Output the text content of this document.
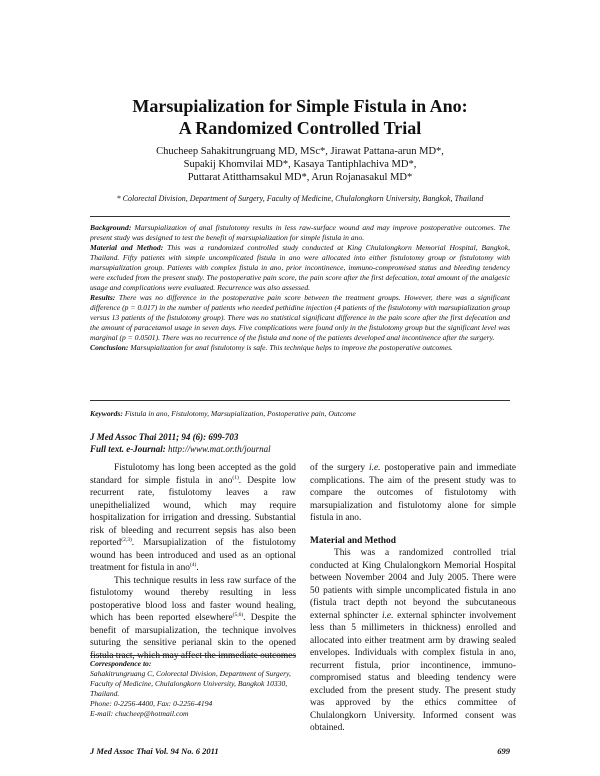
Marsupialization for Simple Fistula in Ano:
A Randomized Controlled Trial
Chucheep Sahakitrungruang MD, MSc*, Jirawat Pattana-arun MD*,
Supakij Khomvilai MD*, Kasaya Tantiphlachiva MD*,
Puttarat Atitthamsakul MD*, Arun Rojanasakul MD*
* Colorectal Division, Department of Surgery, Faculty of Medicine, Chulalongkorn University, Bangkok, Thailand

Background: Marsupialization of anal fistulotomy results in less raw-surface wound and may improve postoperative outcomes. The present study was designed to test the benefit of marsupialization for simple fistula in ano.

Material and Method: This was a randomized controlled study conducted at King Chulalongkorn Memorial Hospital, Bangkok, Thailand. Fifty patients with simple uncomplicated fistula in ano were allocated into either fistulotomy group or fistulotomy with marsupialization group. Patients with complex fistula in ano, prior incontinence, immuno-compromised status and bleeding tendency were excluded from the present study. The postoperative pain score, the pain score after the first defecation, total amount of the analgesic usage and complications were evaluated. Recurrence was also assessed.

Results: There was no difference in the postoperative pain score between the treatment groups. However, there was a significant difference (p = 0.017) in the number of patients who needed pethidine injection (4 patients of the fistulotomy with marsupialization group versus 13 patients of the fistulotomy group). There was no statistical significant difference in the pain score after the first defecation and the amount of paracetamol usage in seven days. Five complications were found only in the fistulotomy group but the significant level was marginal (p = 0.0501). There was no recurrence of the fistula and none of the patients developed anal incontinence after the surgery.

Conclusion: Marsupialization for anal fistulotomy is safe. This technique helps to improve the postoperative outcomes.

Keywords: Fistula in ano, Fistulotomy, Marsupialization, Postoperative pain, Outcome
J Med Assoc Thai 2011; 94 (6): 699-703
Full text. e-Journal: http://www.mat.or.th/journal

Fistulotomy has long been accepted as the gold standard for simple fistula in ano$^{(1)}$. Despite low recurrent rate, fistulotomy leaves a raw unepithelialized wound, which may require hospitalization for irrigation and dressing. Substantial risk of bleeding and recurrent sepsis has also been reported$^{(2,3)}$. Marsupialization of the fistulotomy wound has been introduced and used as an optional treatment for fistula in ano$^{(4)}$.

This technique results in less raw surface of the fistulotomy wound thereby resulting in less postoperative blood loss and faster wound healing, which has been reported elsewhere$^{(5,6)}$. Despite the benefit of marsupialization, the technique involves suturing the sensitive perianal skin to the opened fistula tract, which may affect the immediate outcomes

Correspondence to:
Sahakitrungruang C, Colorectal Division, Department of Surgery, Faculty of Medicine, Chulalongkorn University, Bangkok 10330, Thailand.
Phone: 0-2256-4400, Fax: 0-2256-4194
E-mail: chucheep@hotmail.com

of the surgery i.e. postoperative pain and immediate complications. The aim of the present study was to compare the outcomes of fistulotomy with marsupialization and fistulotomy alone for simple fistula in ano.

Material and Method

This was a randomized controlled trial conducted at King Chulalongkorn Memorial Hospital between November 2004 and July 2005. There were 50 patients with simple uncomplicated fistula in ano (fistula tract depth not beyond the subcutaneous external sphincter i.e. external sphincter involvement less than 5 millimeters in thickness) enrolled and allocated into either treatment arm by drawing sealed envelopes. Individuals with complex fistula in ano, recurrent fistula, prior incontinence, immuno-compromised status and bleeding tendency were excluded from the present study. The present study was approved by the ethics committee of Chulalongkorn University. Informed consent was obtained.

J Med Assoc Thai Vol. 94 No. 6 2011	699
